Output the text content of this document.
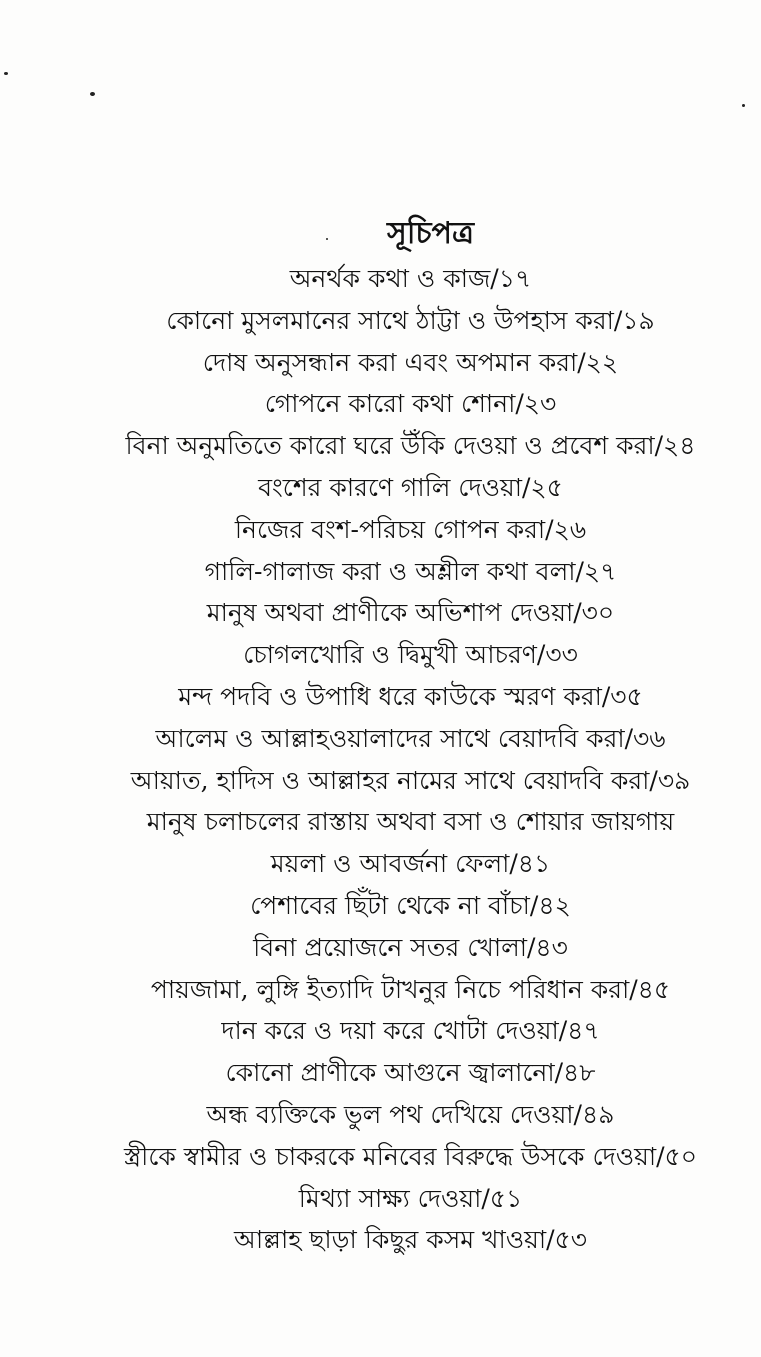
সূচিপত্র
অনর্থক কথা ও কাজ/১৭
কোনো মুসলমানের সাথে ঠাট্টা ও উপহাস করা/১৯
দোষ অনুসন্ধান করা এবং অপমান করা/২২
গোপনে কারো কথা শোনা/২৩
বিনা অনুমতিতে কারো ঘরে উঁকি দেওয়া ও প্রবেশ করা/২৪
বংশের কারণে গালি দেওয়া/২৫
নিজের বংশ-পরিচয় গোপন করা/২৬
গালি-গালাজ করা ও অশ্লীল কথা বলা/২৭
মানুষ অথবা প্রাণীকে অভিশাপ দেওয়া/৩০
চোগলখোরি ও দ্বিমুখী আচরণ/৩৩
মন্দ পদবি ও উপাধি ধরে কাউকে স্মরণ করা/৩৫
আলেম ও আল্লাহওয়ালাদের সাথে বেয়াদবি করা/৩৬
আয়াত, হাদিস ও আল্লাহর নামের সাথে বেয়াদবি করা/৩৯
মানুষ চলাচলের রাস্তায় অথবা বসা ও শোয়ার জায়গায়
ময়লা ও আবর্জনা ফেলা/৪১
পেশাবের ছিঁটা থেকে না বাঁচা/৪২
বিনা প্রয়োজনে সতর খোলা/৪৩
পায়জামা, লুঙ্গি ইত্যাদি টাখনুর নিচে পরিধান করা/৪৫
দান করে ও দয়া করে খোটা দেওয়া/৪৭
কোনো প্রাণীকে আগুনে জ্বালানো/৪৮
অন্ধ ব্যক্তিকে ভুল পথ দেখিয়ে দেওয়া/৪৯
স্ত্রীকে স্বামীর ও চাকরকে মনিবের বিরুদ্ধে উসকে দেওয়া/৫০
মিথ্যা সাক্ষ্য দেওয়া/৫১
আল্লাহ ছাড়া কিছুর কসম খাওয়া/৫৩
